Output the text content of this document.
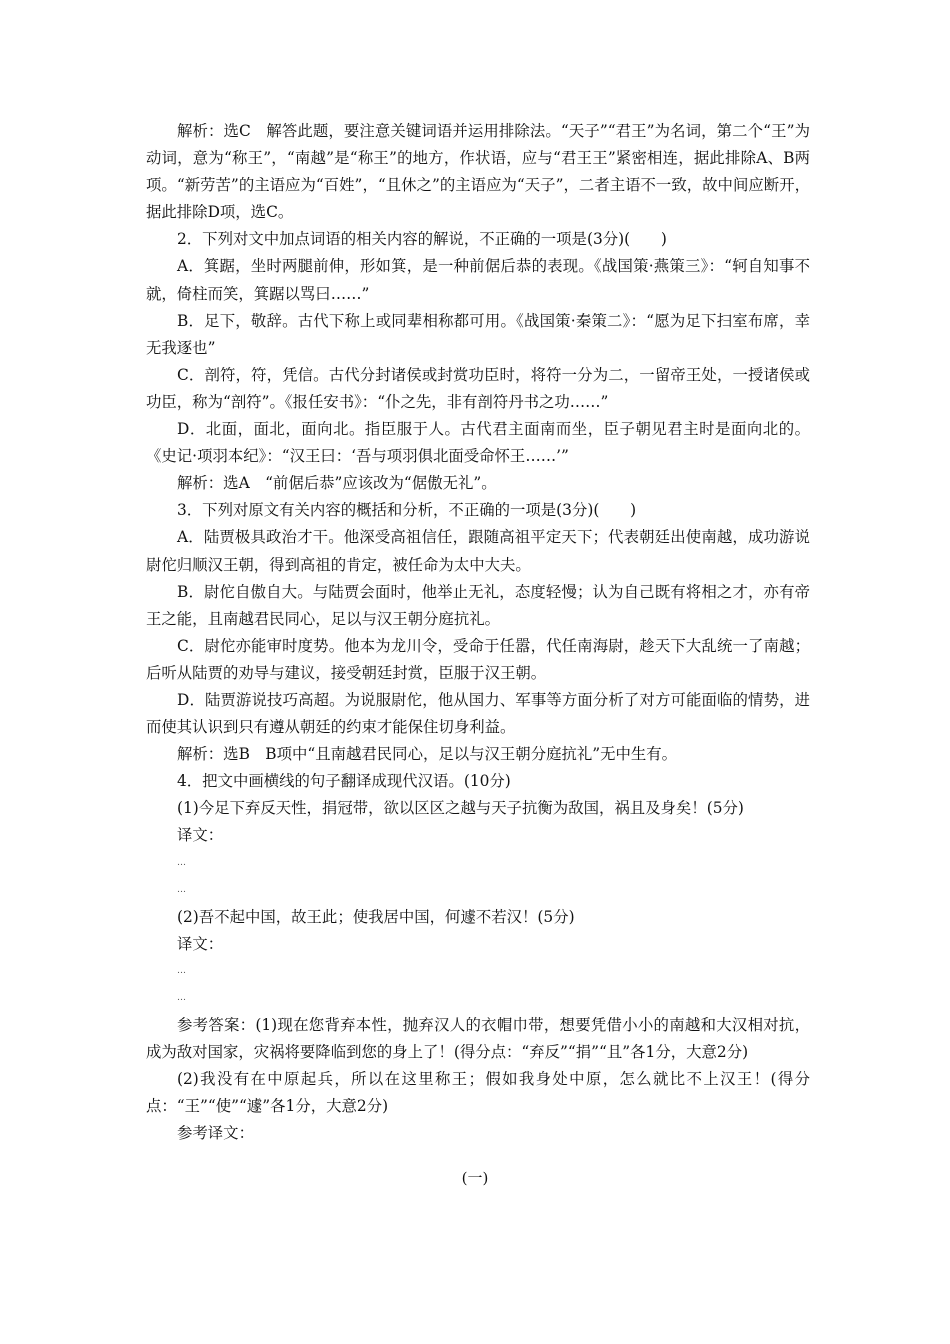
解析：选C　解答此题，要注意关键词语并运用排除法。“天子”“君王”为名词，第二个“王”为动词，意为“称王”，“南越”是“称王”的地方，作状语，应与“君王王”紧密相连，据此排除A、B两项。“新劳苦”的主语应为“百姓”，“且休之”的主语应为“天子”，二者主语不一致，故中间应断开，据此排除D项，选C。

2．下列对文中加点词语的相关内容的解说，不正确的一项是(3分)(　　)

A．箕踞，坐时两腿前伸，形如箕，是一种前倨后恭的表现。《战国策·燕策三》：“轲自知事不就，倚柱而笑，箕踞以骂曰……”

B．足下，敬辞。古代下称上或同辈相称都可用。《战国策·秦策二》：“愿为足下扫室布席，幸无我逐也”

C．剖符，符，凭信。古代分封诸侯或封赏功臣时，将符一分为二，一留帝王处，一授诸侯或功臣，称为“剖符”。《报任安书》：“仆之先，非有剖符丹书之功……”

D．北面，面北，面向北。指臣服于人。古代君主面南而坐，臣子朝见君主时是面向北的。《史记·项羽本纪》：“汉王曰：‘吾与项羽俱北面受命怀王……’”

解析：选A　“前倨后恭”应该改为“倨傲无礼”。

3．下列对原文有关内容的概括和分析，不正确的一项是(3分)(　　)

A．陆贾极具政治才干。他深受高祖信任，跟随高祖平定天下；代表朝廷出使南越，成功游说尉佗归顺汉王朝，得到高祖的肯定，被任命为太中大夫。

B．尉佗自傲自大。与陆贾会面时，他举止无礼，态度轻慢；认为自己既有将相之才，亦有帝王之能，且南越君民同心，足以与汉王朝分庭抗礼。

C．尉佗亦能审时度势。他本为龙川令，受命于任嚣，代任南海尉，趁天下大乱统一了南越；后听从陆贾的劝导与建议，接受朝廷封赏，臣服于汉王朝。

D．陆贾游说技巧高超。为说服尉佗，他从国力、军事等方面分析了对方可能面临的情势，进而使其认识到只有遵从朝廷的约束才能保住切身利益。

解析：选B　B项中“且南越君民同心，足以与汉王朝分庭抗礼”无中生有。

4．把文中画横线的句子翻译成现代汉语。(10分)

(1)今足下弃反天性，捐冠带，欲以区区之越与天子抗衡为敌国，祸且及身矣！(5分)

译文：

…
…

(2)吾不起中国，故王此；使我居中国，何遽不若汉！(5分)

译文：

…
…

参考答案：(1)现在您背弃本性，抛弃汉人的衣帽巾带，想要凭借小小的南越和大汉相对抗，成为敌对国家，灾祸将要降临到您的身上了！(得分点：“弃反”“捐”“且”各1分，大意2分)

(2)我没有在中原起兵，所以在这里称王；假如我身处中原，怎么就比不上汉王！(得分点：“王”“使”“遽”各1分，大意2分)

参考译文：

(一)
